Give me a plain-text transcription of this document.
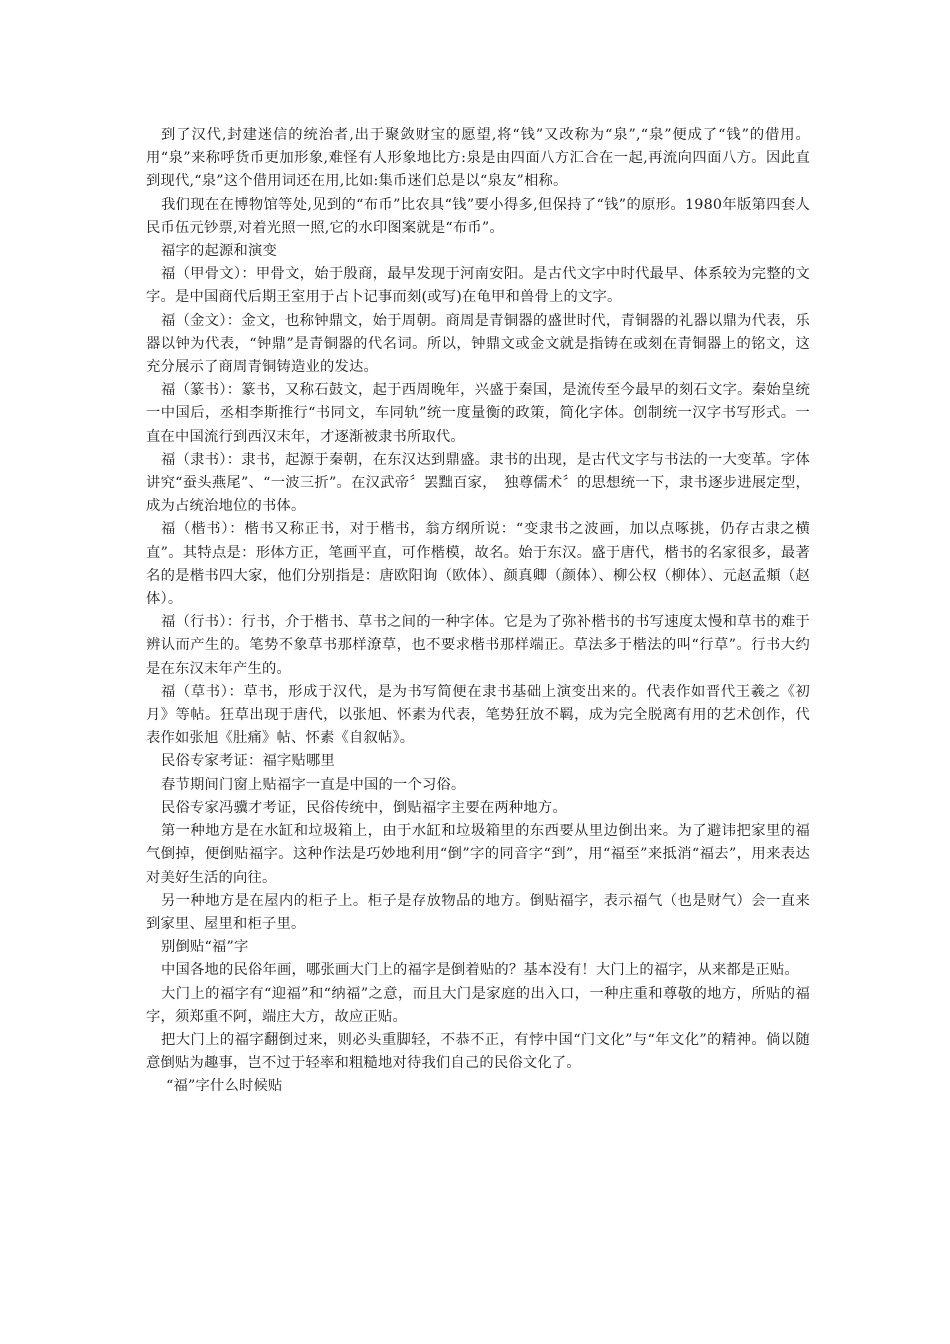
到了汉代,封建迷信的统治者,出于聚敛财宝的愿望,将“钱”又改称为“泉”,“泉”便成了“钱”的借用。用“泉”来称呼货币更加形象,难怪有人形象地比方:泉是由四面八方汇合在一起,再流向四面八方。因此直到现代,“泉”这个借用词还在用,比如:集币迷们总是以“泉友”相称。

我们现在在博物馆等处,见到的“布币”比农具“钱”要小得多,但保持了“钱”的原形。1980年版第四套人民币伍元钞票,对着光照一照,它的水印图案就是“布币”。

福字的起源和演变

福（甲骨文）：甲骨文，始于殷商，最早发现于河南安阳。是古代文字中时代最早、体系较为完整的文字。是中国商代后期王室用于占卜记事而刻(或写)在龟甲和兽骨上的文字。

福（金文）：金文，也称钟鼎文，始于周朝。商周是青铜器的盛世时代，青铜器的礼器以鼎为代表，乐器以钟为代表，“钟鼎”是青铜器的代名词。所以，钟鼎文或金文就是指铸在或刻在青铜器上的铭文，这充分展示了商周青铜铸造业的发达。

福（篆书）：篆书，又称石鼓文，起于西周晚年，兴盛于秦国，是流传至今最早的刻石文字。秦始皇统一中国后，丞相李斯推行“书同文，车同轨”统一度量衡的政策，简化字体。创制统一汉字书写形式。一直在中国流行到西汉末年，才逐渐被隶书所取代。

福（隶书）：隶书，起源于秦朝，在东汉达到鼎盛。隶书的出现，是古代文字与书法的一大变革。字体讲究“蚕头燕尾”、“一波三折”。在汉武帝〞罢黜百家，　独尊儒术〞的思想统一下，隶书逐步进展定型，成为占统治地位的书体。

福（楷书）：楷书又称正书，对于楷书，翁方纲所说：“变隶书之波画，加以点啄挑，仍存古隶之横直”。其特点是：形体方正，笔画平直，可作楷模，故名。始于东汉。盛于唐代，楷书的名家很多，最著名的是楷书四大家，他们分别指是：唐欧阳询（欧体）、颜真卿（颜体）、柳公权（柳体）、元赵孟頫（赵体）。

福（行书）：行书，介于楷书、草书之间的一种字体。它是为了弥补楷书的书写速度太慢和草书的难于辨认而产生的。笔势不象草书那样潦草，也不要求楷书那样端正。草法多于楷法的叫“行草”。行书大约是在东汉末年产生的。

福（草书）：草书，形成于汉代，是为书写简便在隶书基础上演变出来的。代表作如晋代王羲之《初月》等帖。狂草出现于唐代，以张旭、怀素为代表，笔势狂放不羁，成为完全脱离有用的艺术创作，代表作如张旭《肚痛》帖、怀素《自叙帖》。

民俗专家考证：福字贴哪里

春节期间门窗上贴福字一直是中国的一个习俗。

民俗专家冯骥才考证，民俗传统中，倒贴福字主要在两种地方。

第一种地方是在水缸和垃圾箱上，由于水缸和垃圾箱里的东西要从里边倒出来。为了避讳把家里的福气倒掉，便倒贴福字。这种作法是巧妙地利用“倒”字的同音字“到”，用“福至”来抵消“福去”，用来表达对美好生活的向往。

另一种地方是在屋内的柜子上。柜子是存放物品的地方。倒贴福字，表示福气（也是财气）会一直来到家里、屋里和柜子里。

别倒贴“福”字

中国各地的民俗年画，哪张画大门上的福字是倒着贴的？基本没有！大门上的福字，从来都是正贴。

大门上的福字有“迎福”和“纳福”之意，而且大门是家庭的出入口，一种庄重和尊敬的地方，所贴的福字，须郑重不阿，端庄大方，故应正贴。

把大门上的福字翻倒过来，则必头重脚轻，不恭不正，有悖中国“门文化”与“年文化”的精神。倘以随意倒贴为趣事，岂不过于轻率和粗糙地对待我们自己的民俗文化了。

“福”字什么时候贴
